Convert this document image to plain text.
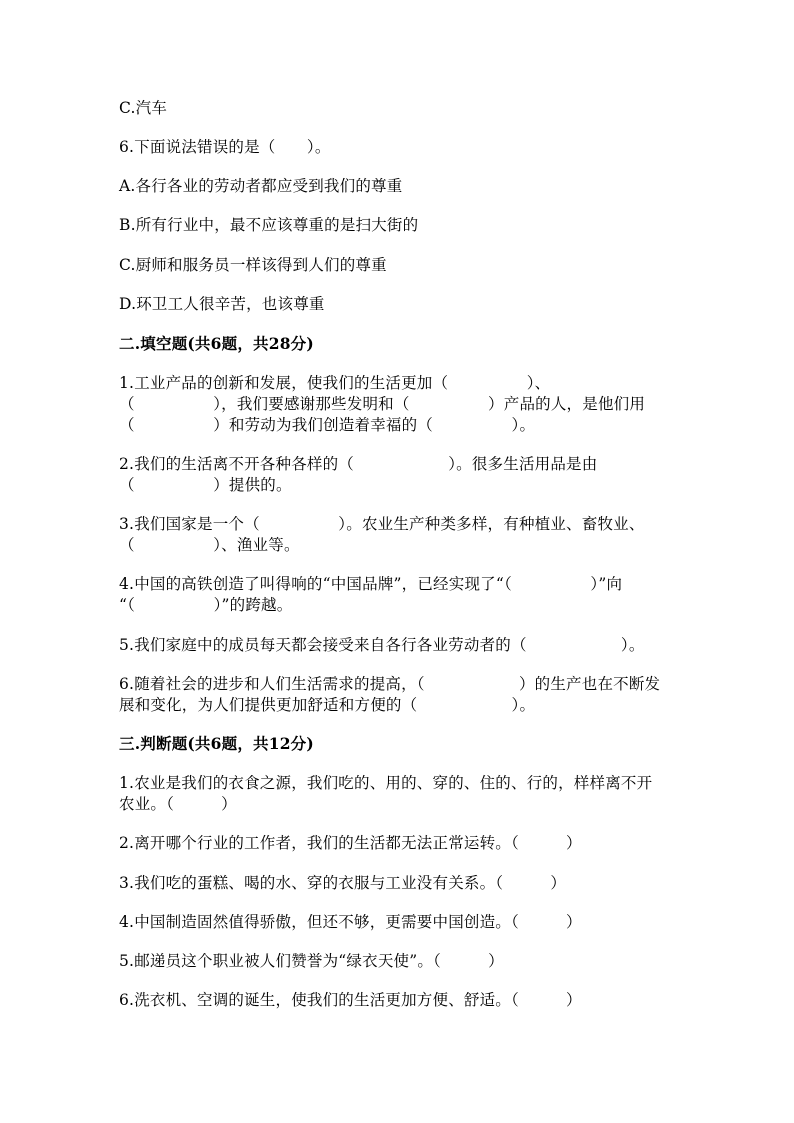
C.汽车
6.下面说法错误的是（　　）。
A.各行各业的劳动者都应受到我们的尊重
B.所有行业中，最不应该尊重的是扫大街的
C.厨师和服务员一样该得到人们的尊重
D.环卫工人很辛苦，也该尊重
二.填空题(共6题，共28分)
1.工业产品的创新和发展，使我们的生活更加（　　　　　）、
（　　　　　），我们要感谢那些发明和（　　　　　）产品的人，是他们用
（　　　　　）和劳动为我们创造着幸福的（　　　　　）。
2.我们的生活离不开各种各样的（　　　　　　）。很多生活用品是由
（　　　　　）提供的。
3.我们国家是一个（　　　　　）。农业生产种类多样，有种植业、畜牧业、
（　　　　　）、渔业等。
4.中国的高铁创造了叫得响的“中国品牌”，已经实现了“（　　　　　）”向
“（　　　　　）”的跨越。
5.我们家庭中的成员每天都会接受来自各行各业劳动者的（　　　　　　）。
6.随着社会的进步和人们生活需求的提高，（　　　　　　）的生产也在不断发
展和变化，为人们提供更加舒适和方便的（　　　　　　）。
三.判断题(共6题，共12分)
1.农业是我们的衣食之源，我们吃的、用的、穿的、住的、行的，样样离不开
农业。（　　　）
2.离开哪个行业的工作者，我们的生活都无法正常运转。（　　　）
3.我们吃的蛋糕、喝的水、穿的衣服与工业没有关系。（　　　）
4.中国制造固然值得骄傲，但还不够，更需要中国创造。（　　　）
5.邮递员这个职业被人们赞誉为“绿衣天使”。（　　　）
6.洗衣机、空调的诞生，使我们的生活更加方便、舒适。（　　　）
